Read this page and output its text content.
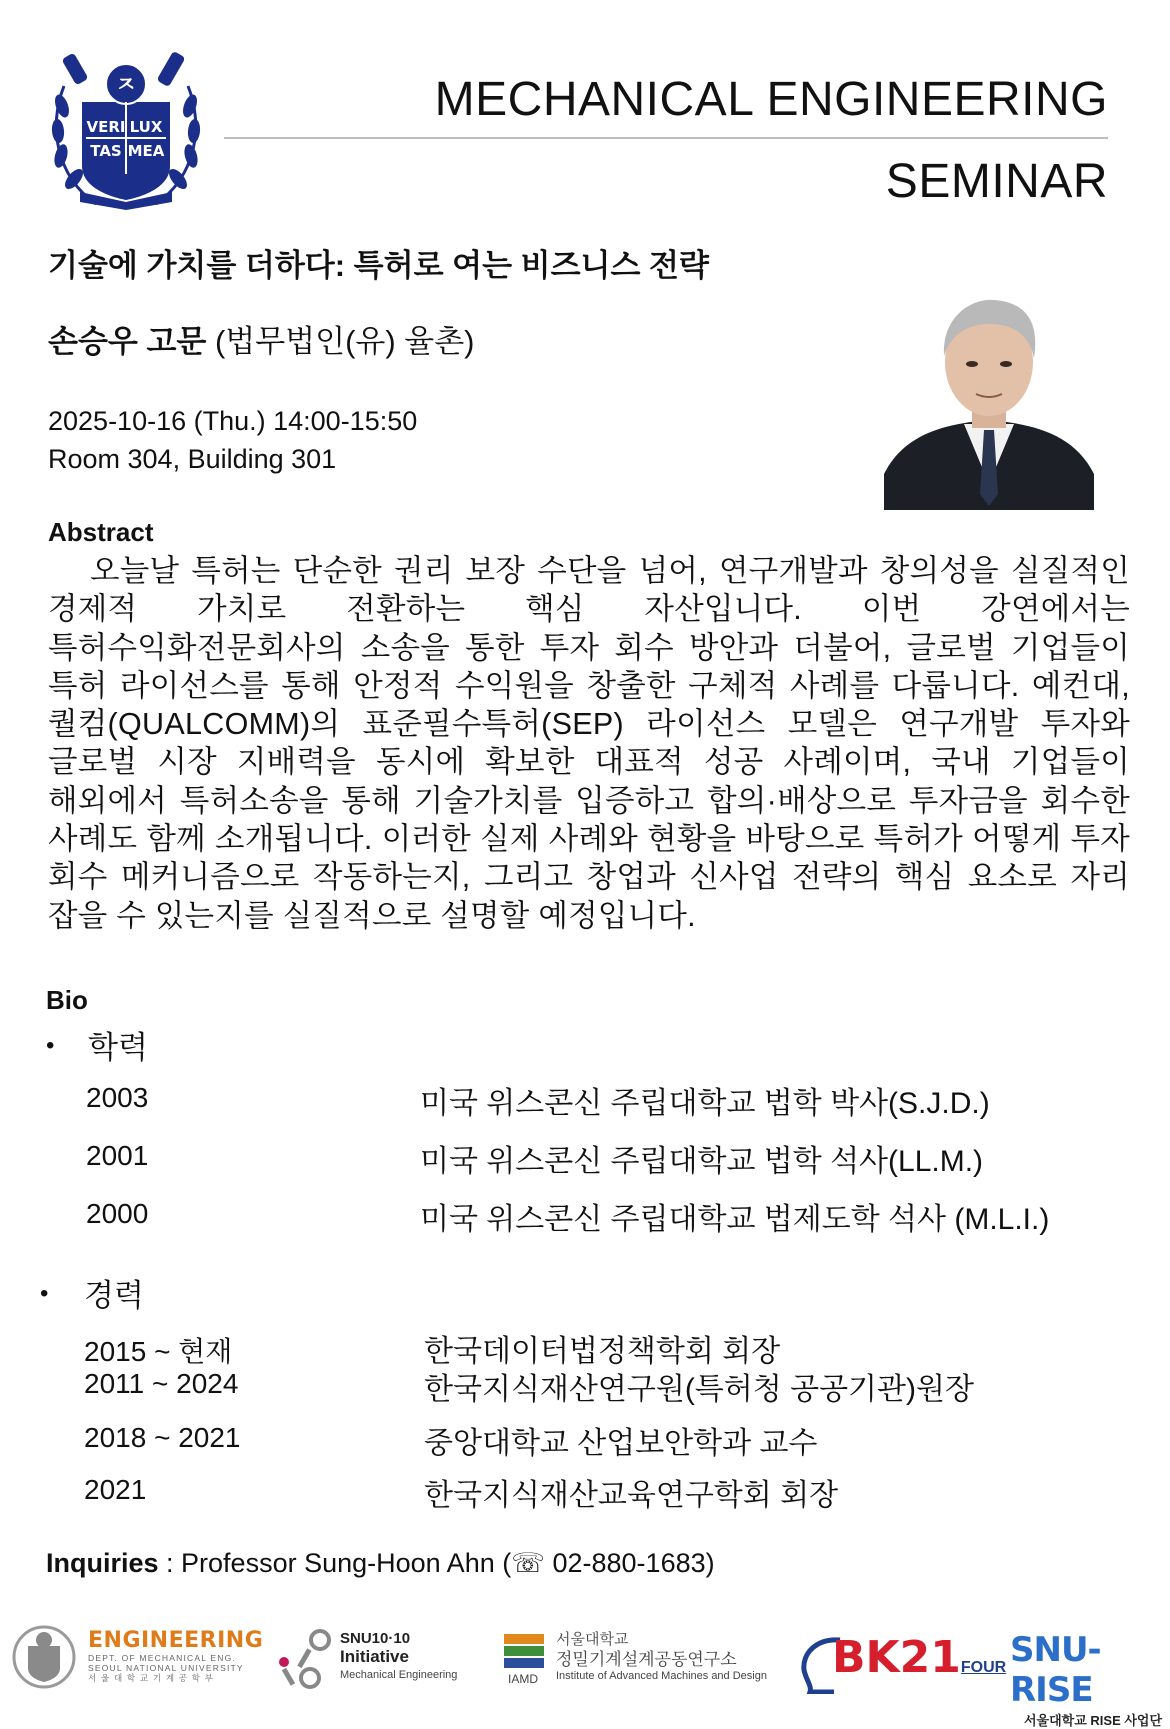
ㅈ
VERI LUX
TAS MEA
MECHANICAL ENGINEERING
SEMINAR
기술에 가치를 더하다: 특허로 여는 비즈니스 전략
손승우 고문 (법무법인(유) 율촌)
2025-10-16 (Thu.) 14:00-15:50
Room 304, Building 301
Abstract
오늘날 특허는 단순한 권리 보장 수단을 넘어, 연구개발과 창의성을 실질적인 경제적 가치로 전환하는 핵심 자산입니다. 이번 강연에서는 특허수익화전문회사의 소송을 통한 투자 회수 방안과 더불어, 글로벌 기업들이 특허 라이선스를 통해 안정적 수익원을 창출한 구체적 사례를 다룹니다. 예컨대, 퀄컴(QUALCOMM)의 표준필수특허(SEP) 라이선스 모델은 연구개발 투자와 글로벌 시장 지배력을 동시에 확보한 대표적 성공 사례이며, 국내 기업들이 해외에서 특허소송을 통해 기술가치를 입증하고 합의·배상으로 투자금을 회수한 사례도 함께 소개됩니다. 이러한 실제 사례와 현황을 바탕으로 특허가 어떻게 투자 회수 메커니즘으로 작동하는지, 그리고 창업과 신사업 전략의 핵심 요소로 자리 잡을 수 있는지를 실질적으로 설명할 예정입니다.
Bio
• 학력
2003	미국 위스콘신 주립대학교 법학 박사(S.J.D.)
2001	미국 위스콘신 주립대학교 법학 석사(LL.M.)
2000	미국 위스콘신 주립대학교 법제도학 석사 (M.L.I.)
• 경력
2015 ~ 현재	한국데이터법정책학회 회장
2011 ~ 2024	한국지식재산연구원(특허청 공공기관)원장
2018 ~ 2021	중앙대학교 산업보안학과 교수
2021	한국지식재산교육연구학회 회장
Inquiries : Professor Sung-Hoon Ahn (☏ 02-880-1683)
ENGINEERING
DEPT. OF MECHANICAL ENG.
SEOUL NATIONAL UNIVERSITY
서 울 대 학 교 기 계 공 학 부
SNU10·10
Initiative
Mechanical Engineering	IAMD
서울대학교
정밀기계설계공동연구소
Institute of Advanced Machines and Design BK21FOUR SNU-RISE
서울대학교 RISE 사업단
